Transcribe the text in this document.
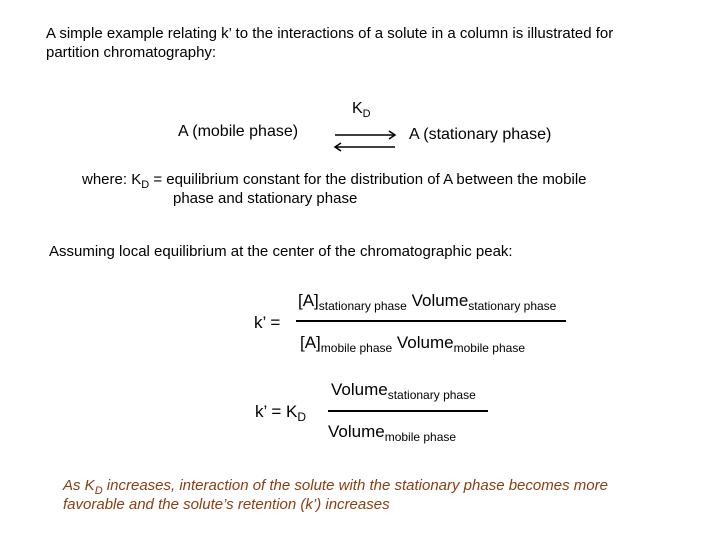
A simple example relating k’ to the interactions of a solute in a column is illustrated for
partition chromatography:
$K_D$
A (mobile phase)	A (stationary phase)
where: $K_D$ = equilibrium constant for the distribution of A between the mobile
phase and stationary phase
Assuming local equilibrium at the center of the chromatographic peak:
$[A]_{stationary phase}$ Volume$_{stationary phase}$
k’ =
$[A]_{mobile phase}$ Volume$_{mobile phase}$
Volume$_{stationary phase}$
k’ = $K_D$
Volume$_{mobile phase}$
As $K_D$ increases, interaction of the solute with the stationary phase becomes more
favorable and the solute’s retention (k’) increases
